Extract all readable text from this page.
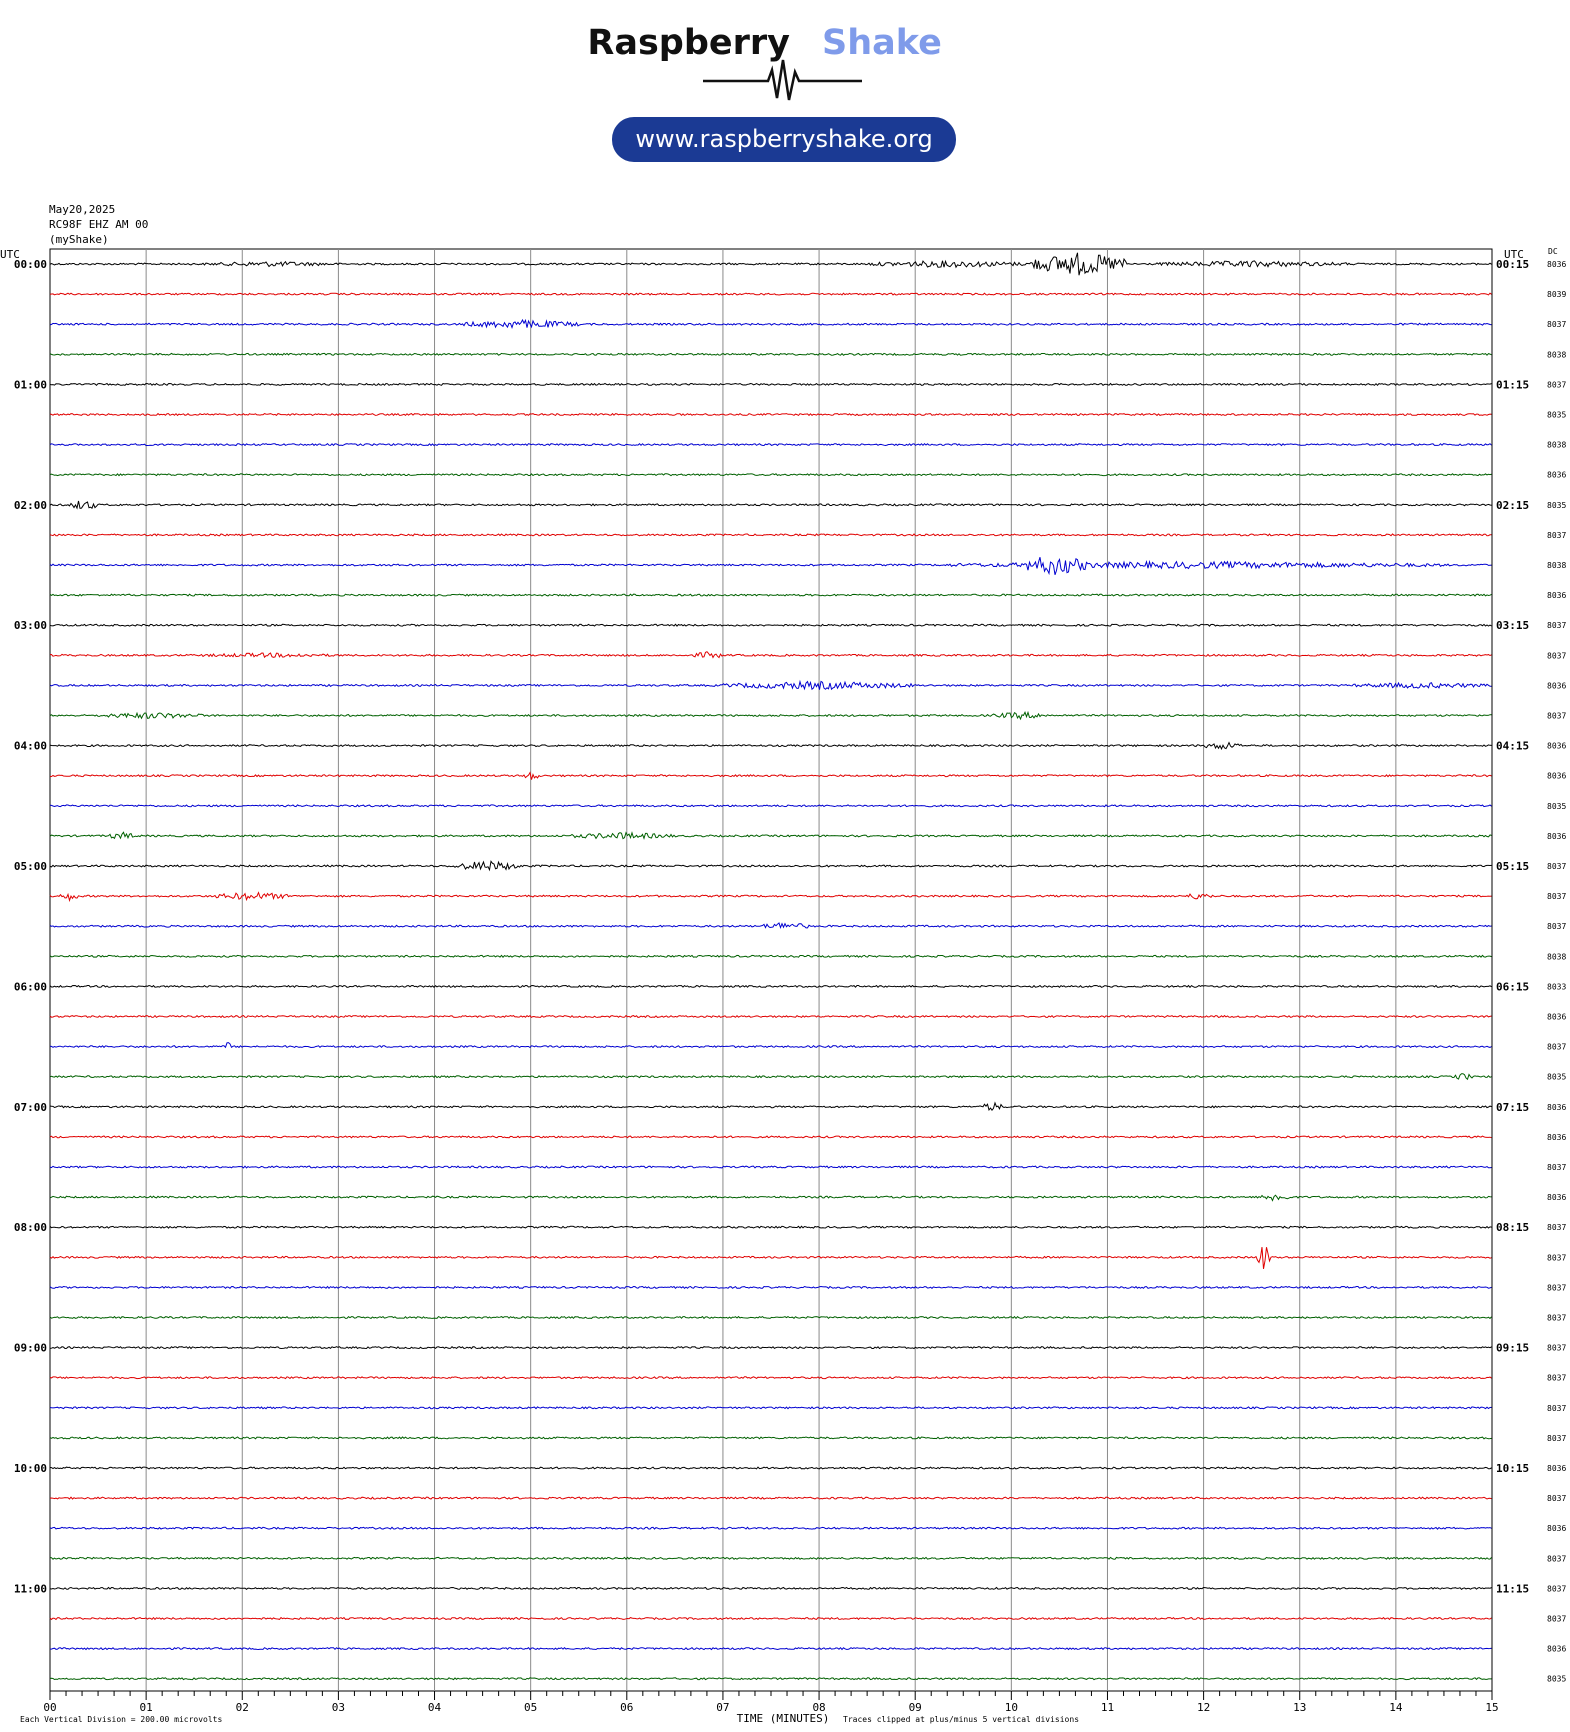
Raspberry Shake
www.raspberryshake.org
May20,2025
RC98F EHZ AM 00
(myShake)
UTC	UTC	DC
00:00	00:15 8036
8039
8037
8038
01:00	01:15 8037
8035
8038
8036
02:00	02:15 8035
8037
8038
8036
03:00	03:15 8037
8037
8036
8037
04:00	04:15 8036
8036
8035
8036
05:00	05:15 8037
8037
8037
8038
06:00	06:15 8033
8036
8037
8035
07:00	07:15 8036
8036
8037
8036
08:00	08:15 8037
8037
8037
8037
09:00	09:15 8037
8037
8037
8037
10:00	10:15 8036
8037
8036
8037
11:00	11:15 8037
8037
8036
8035
00	01	02	03	04	05	06	07	08	09	10	11	12	13	14	15
TIME (MINUTES)
Each Vertical Division = 200.00 microvolts	Traces clipped at plus/minus 5 vertical divisions
